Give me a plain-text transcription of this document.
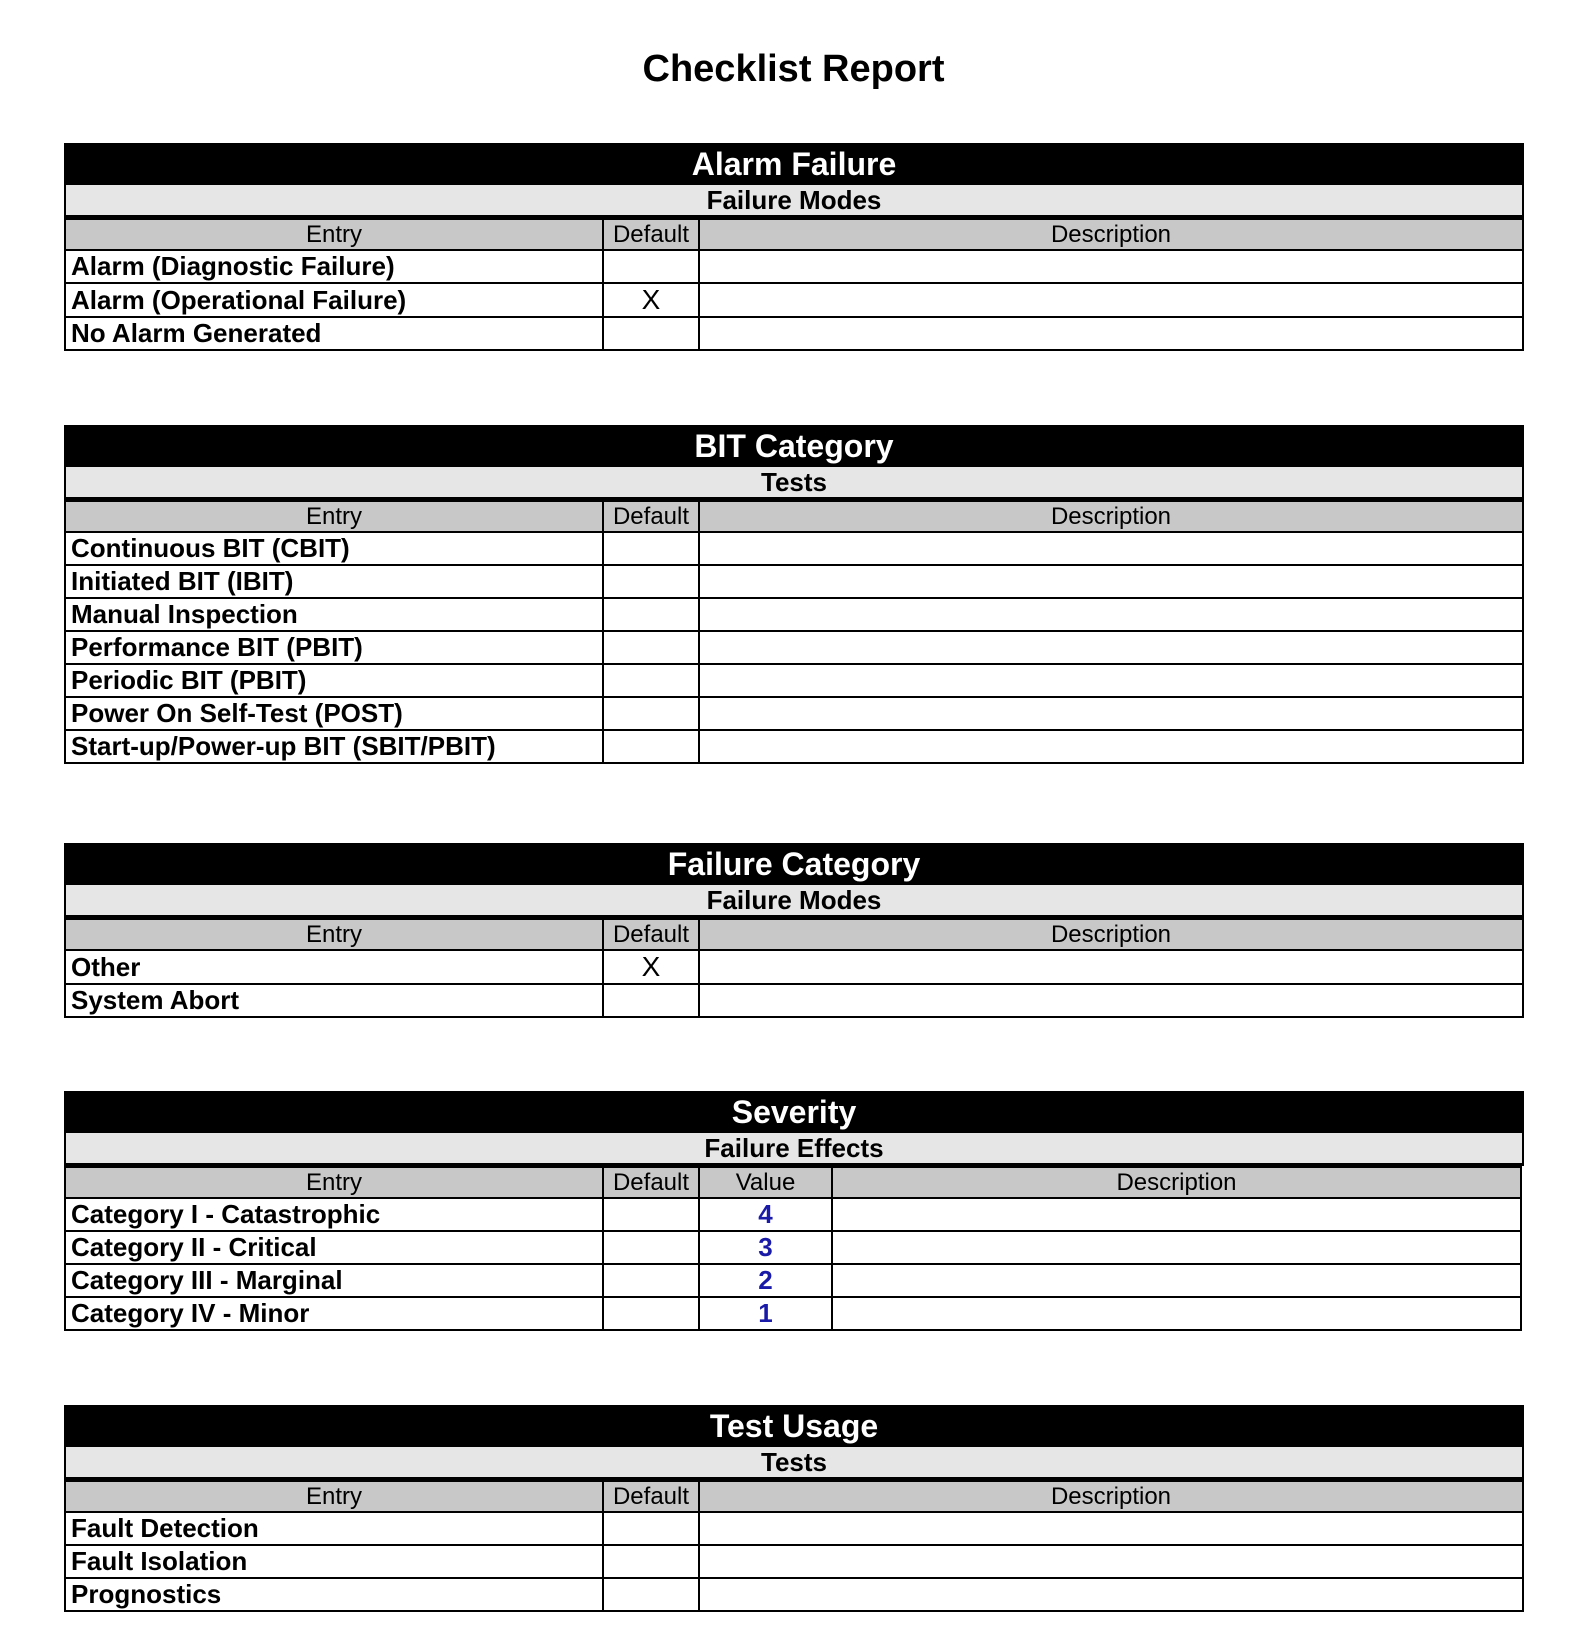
Checklist Report
Alarm Failure
Failure Modes
Entry	Default	Description
Alarm (Diagnostic Failure)		
Alarm (Operational Failure)	X	
No Alarm Generated		
BIT Category
Tests
Entry	Default	Description
Continuous BIT (CBIT)		
Initiated BIT (IBIT)		
Manual Inspection		
Performance BIT (PBIT)		
Periodic BIT (PBIT)		
Power On Self-Test (POST)		
Start-up/Power-up BIT (SBIT/PBIT)		
Failure Category
Failure Modes
Entry	Default	Description
Other	X	
System Abort		
Severity
Failure Effects
Entry	Default	Value	Description
Category I - Catastrophic		4	
Category II - Critical		3	
Category III - Marginal		2	
Category IV - Minor		1	
Test Usage
Tests
Entry	Default	Description
Fault Detection		
Fault Isolation		
Prognostics		
